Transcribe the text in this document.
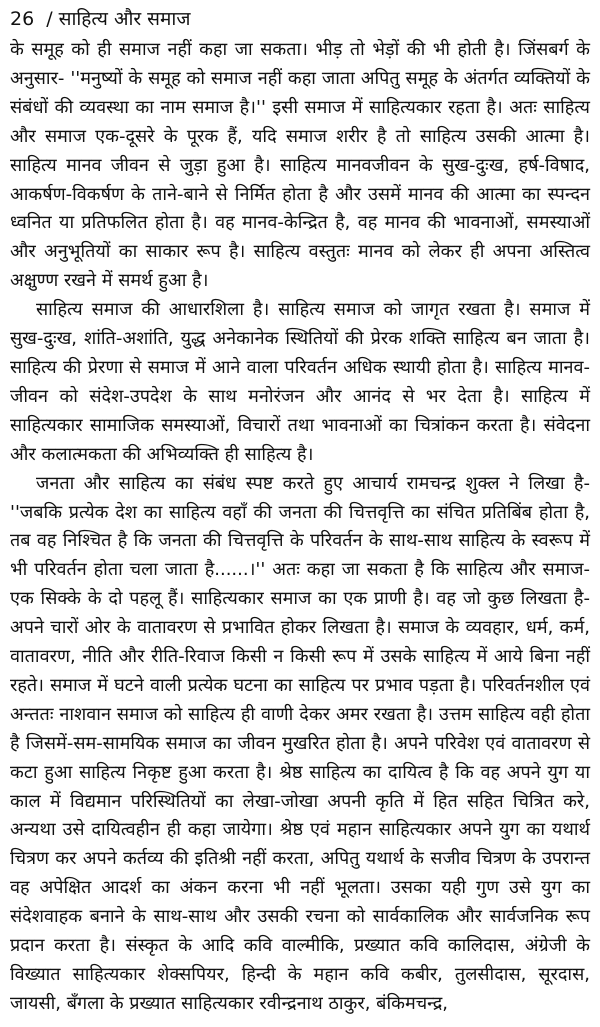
26 / साहित्य और समाज

के समूह को ही समाज नहीं कहा जा सकता। भीड़ तो भेड़ों की भी होती है। जिंसबर्ग के अनुसार- ''मनुष्यों के समूह को समाज नहीं कहा जाता अपितु समूह के अंतर्गत व्यक्तियों के संबंधों की व्यवस्था का नाम समाज है।'' इसी समाज में साहित्यकार रहता है। अतः साहित्य और समाज एक-दूसरे के पूरक हैं, यदि समाज शरीर है तो साहित्य उसकी आत्मा है। साहित्य मानव जीवन से जुड़ा हुआ है। साहित्य मानवजीवन के सुख-दुःख, हर्ष-विषाद, आकर्षण-विकर्षण के ताने-बाने से निर्मित होता है और उसमें मानव की आत्मा का स्पन्दन ध्वनित या प्रतिफलित होता है। वह मानव-केन्द्रित है, वह मानव की भावनाओं, समस्याओं और अनुभूतियों का साकार रूप है। साहित्य वस्तुतः मानव को लेकर ही अपना अस्तित्व अक्षुण्ण रखने में समर्थ हुआ है।

साहित्य समाज की आधारशिला है। साहित्य समाज को जागृत रखता है। समाज में सुख-दुःख, शांति-अशांति, युद्ध अनेकानेक स्थितियों की प्रेरक शक्ति साहित्य बन जाता है। साहित्य की प्रेरणा से समाज में आने वाला परिवर्तन अधिक स्थायी होता है। साहित्य मानव-जीवन को संदेश-उपदेश के साथ मनोरंजन और आनंद से भर देता है। साहित्य में साहित्यकार सामाजिक समस्याओं, विचारों तथा भावनाओं का चित्रांकन करता है। संवेदना और कलात्मकता की अभिव्यक्ति ही साहित्य है।

जनता और साहित्य का संबंध स्पष्ट करते हुए आचार्य रामचन्द्र शुक्ल ने लिखा है- ''जबकि प्रत्येक देश का साहित्य वहाँ की जनता की चित्तवृत्ति का संचित प्रतिबिंब होता है, तब वह निश्चित है कि जनता की चित्तवृत्ति के परिवर्तन के साथ-साथ साहित्य के स्वरूप में भी परिवर्तन होता चला जाता है......।'' अतः कहा जा सकता है कि साहित्य और समाज-एक सिक्के के दो पहलू हैं। साहित्यकार समाज का एक प्राणी है। वह जो कुछ लिखता है-अपने चारों ओर के वातावरण से प्रभावित होकर लिखता है। समाज के व्यवहार, धर्म, कर्म, वातावरण, नीति और रीति-रिवाज किसी न किसी रूप में उसके साहित्य में आये बिना नहीं रहते। समाज में घटने वाली प्रत्येक घटना का साहित्य पर प्रभाव पड़ता है। परिवर्तनशील एवं अन्ततः नाशवान समाज को साहित्य ही वाणी देकर अमर रखता है। उत्तम साहित्य वही होता है जिसमें-सम-सामयिक समाज का जीवन मुखरित होता है। अपने परिवेश एवं वातावरण से कटा हुआ साहित्य निकृष्ट हुआ करता है। श्रेष्ठ साहित्य का दायित्व है कि वह अपने युग या काल में विद्यमान परिस्थितियों का लेखा-जोखा अपनी कृति में हित सहित चित्रित करे, अन्यथा उसे दायित्वहीन ही कहा जायेगा। श्रेष्ठ एवं महान साहित्यकार अपने युग का यथार्थ चित्रण कर अपने कर्तव्य की इतिश्री नहीं करता, अपितु यथार्थ के सजीव चित्रण के उपरान्त वह अपेक्षित आदर्श का अंकन करना भी नहीं भूलता। उसका यही गुण उसे युग का संदेशवाहक बनाने के साथ-साथ और उसकी रचना को सार्वकालिक और सार्वजनिक रूप प्रदान करता है। संस्कृत के आदि कवि वाल्मीकि, प्रख्यात कवि कालिदास, अंग्रेजी के विख्यात साहित्यकार शेक्सपियर, हिन्दी के महान कवि कबीर, तुलसीदास, सूरदास, जायसी, बँगला के प्रख्यात साहित्यकार रवीन्द्रनाथ ठाकुर, बंकिमचन्द्र,
